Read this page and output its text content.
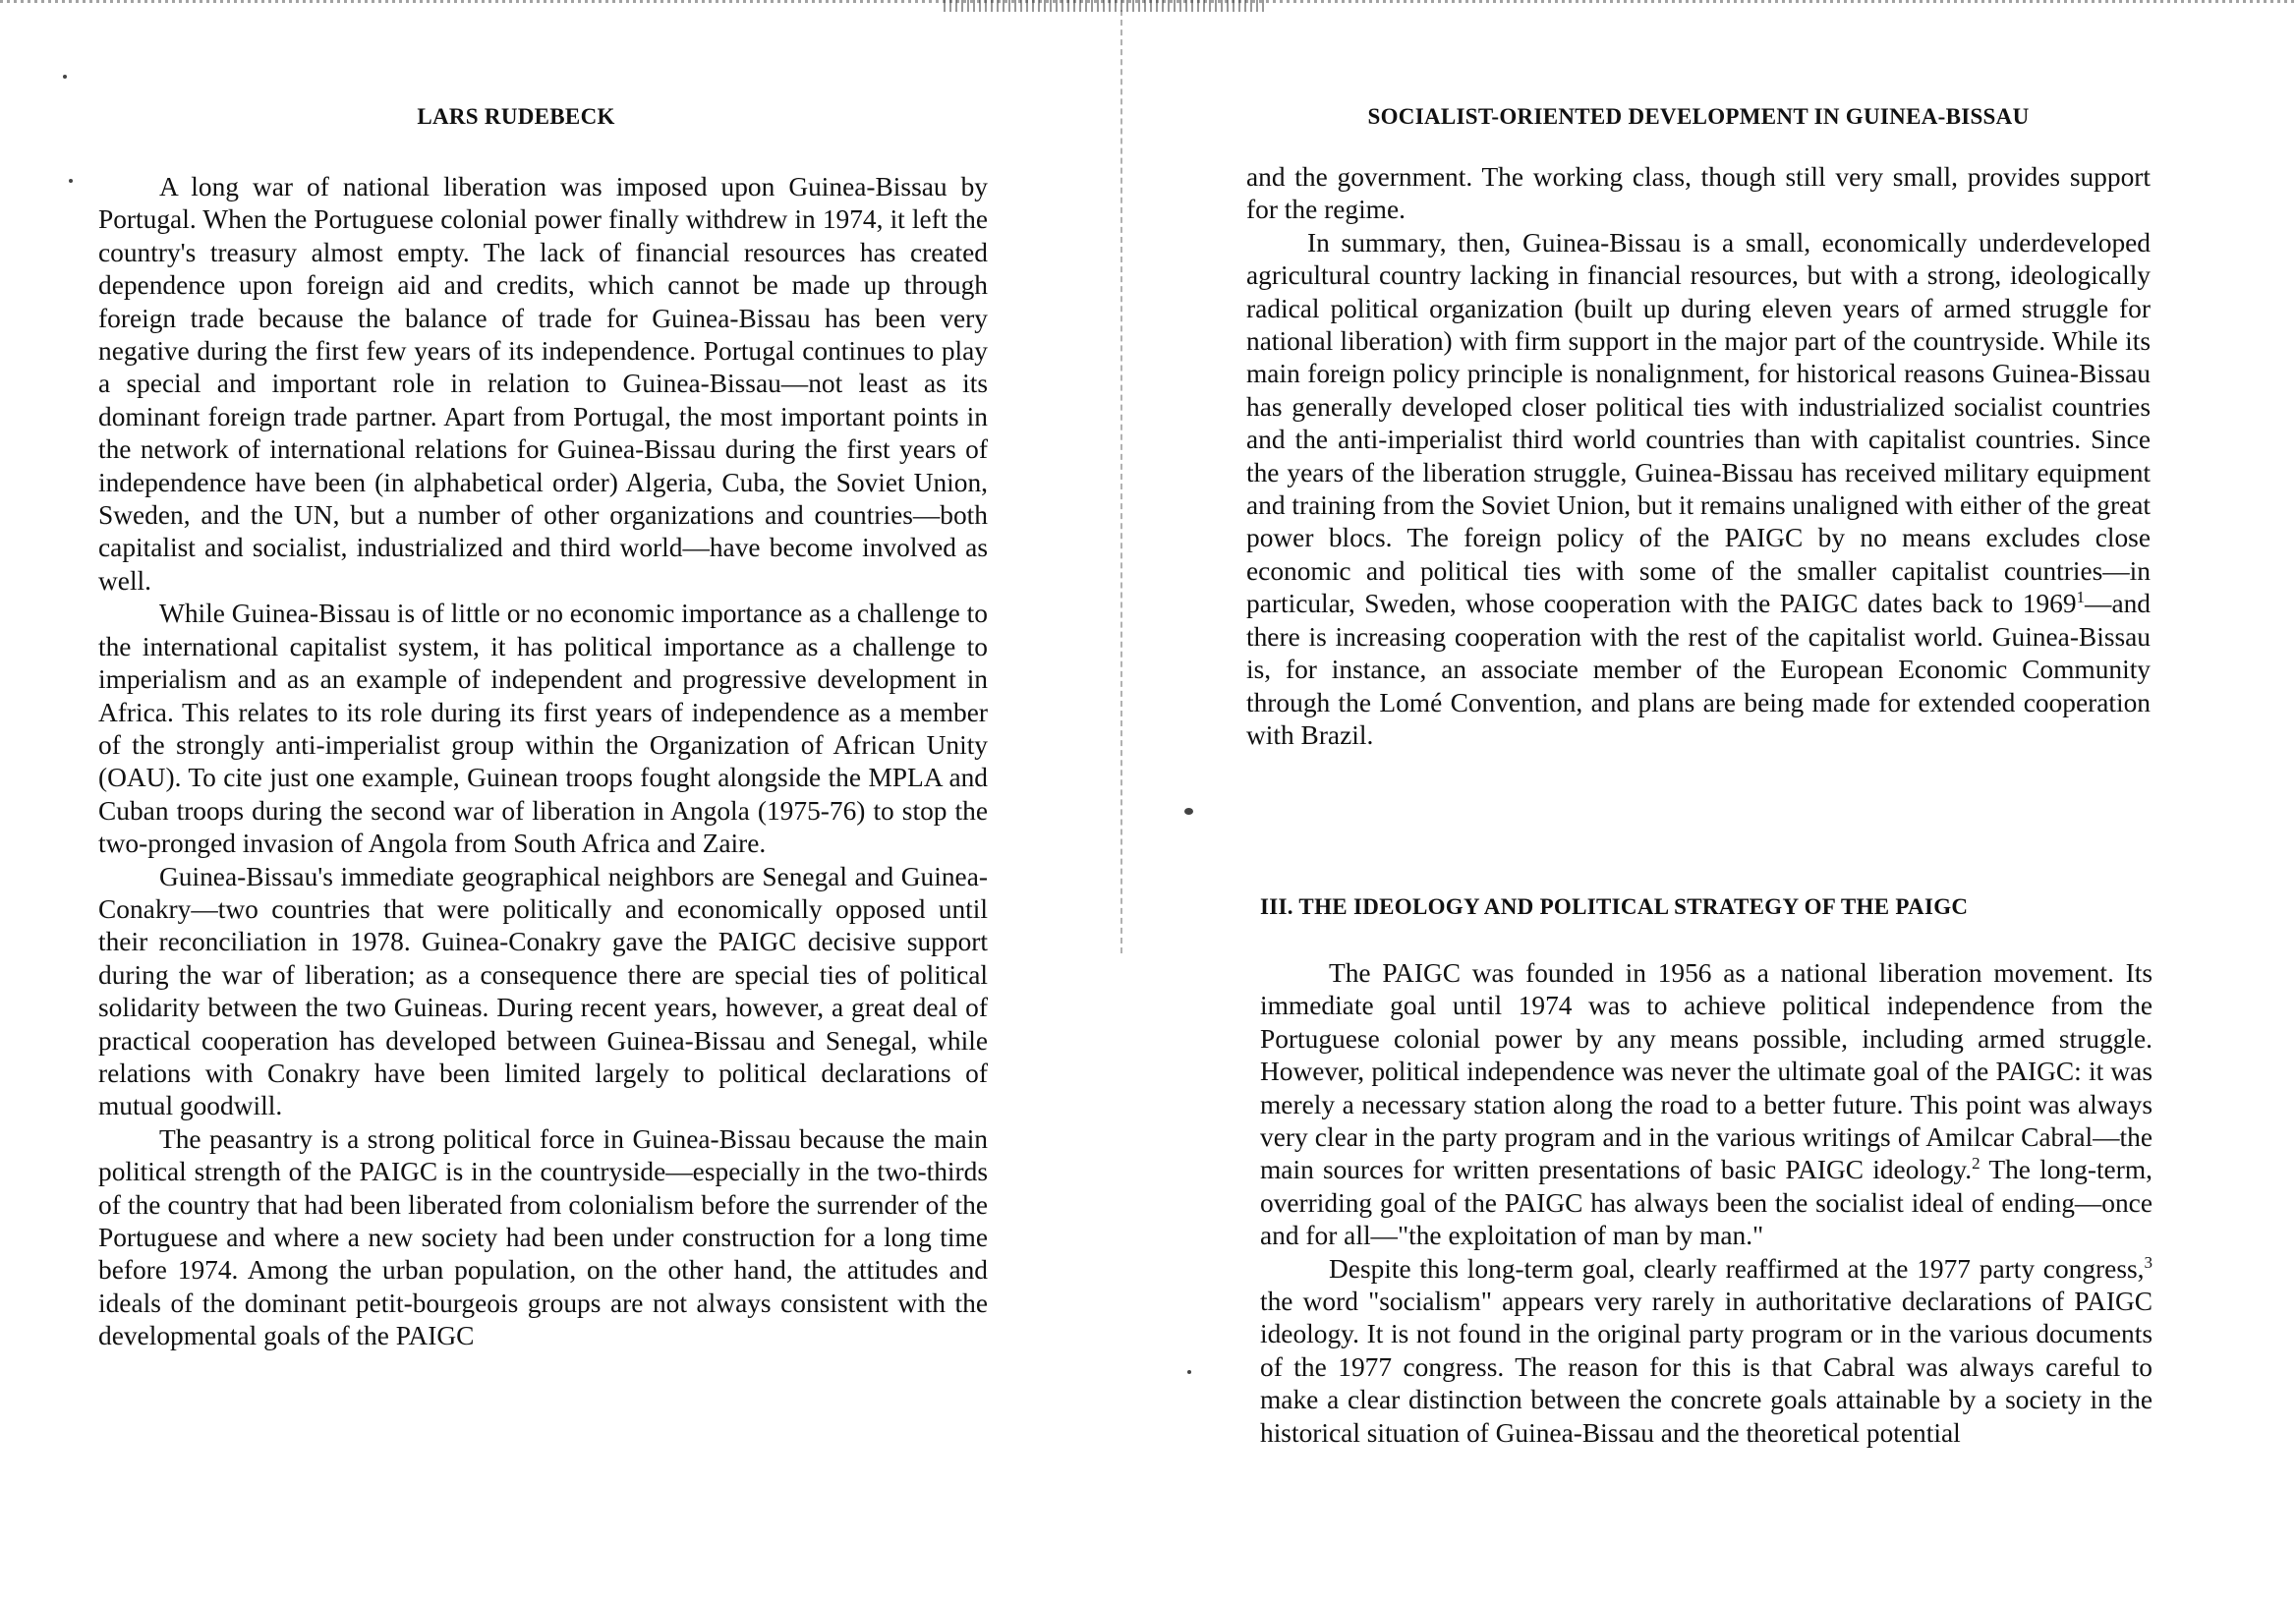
LARS RUDEBECK

A long war of national liberation was imposed upon Guinea-Bissau by Portugal. When the Portuguese colonial power finally withdrew in 1974, it left the country's treasury almost empty. The lack of financial resources has created dependence upon foreign aid and credits, which cannot be made up through foreign trade because the balance of trade for Guinea-Bissau has been very negative during the first few years of its independence. Portugal continues to play a special and important role in relation to Guinea-Bissau—not least as its dominant foreign trade partner. Apart from Portugal, the most important points in the network of international relations for Guinea-Bissau during the first years of independence have been (in alphabetical order) Algeria, Cuba, the Soviet Union, Sweden, and the UN, but a number of other organizations and countries—both capitalist and socialist, industrialized and third world—have become involved as well.

While Guinea-Bissau is of little or no economic importance as a challenge to the international capitalist system, it has political importance as a challenge to imperialism and as an example of independent and progressive development in Africa. This relates to its role during its first years of independence as a member of the strongly anti-imperialist group within the Organization of African Unity (OAU). To cite just one example, Guinean troops fought alongside the MPLA and Cuban troops during the second war of liberation in Angola (1975-76) to stop the two-pronged invasion of Angola from South Africa and Zaire.

Guinea-Bissau's immediate geographical neighbors are Senegal and Guinea-Conakry—two countries that were politically and economically opposed until their reconciliation in 1978. Guinea-Conakry gave the PAIGC decisive support during the war of liberation; as a consequence there are special ties of political solidarity between the two Guineas. During recent years, however, a great deal of practical cooperation has developed between Guinea-Bissau and Senegal, while relations with Conakry have been limited largely to political declarations of mutual goodwill.

The peasantry is a strong political force in Guinea-Bissau because the main political strength of the PAIGC is in the countryside—especially in the two-thirds of the country that had been liberated from colonialism before the surrender of the Portuguese and where a new society had been under construction for a long time before 1974. Among the urban population, on the other hand, the attitudes and ideals of the dominant petit-bourgeois groups are not always consistent with the developmental goals of the PAIGC

SOCIALIST-ORIENTED DEVELOPMENT IN GUINEA-BISSAU

and the government. The working class, though still very small, provides support for the regime.

In summary, then, Guinea-Bissau is a small, economically underdeveloped agricultural country lacking in financial resources, but with a strong, ideologically radical political organization (built up during eleven years of armed struggle for national liberation) with firm support in the major part of the countryside. While its main foreign policy principle is nonalignment, for historical reasons Guinea-Bissau has generally developed closer political ties with industrialized socialist countries and the anti-imperialist third world countries than with capitalist countries. Since the years of the liberation struggle, Guinea-Bissau has received military equipment and training from the Soviet Union, but it remains unaligned with either of the great power blocs. The foreign policy of the PAIGC by no means excludes close economic and political ties with some of the smaller capitalist countries—in particular, Sweden, whose cooperation with the PAIGC dates back to 1969$^1$—and there is increasing cooperation with the rest of the capitalist world. Guinea-Bissau is, for instance, an associate member of the European Economic Community through the Lomé Convention, and plans are being made for extended cooperation with Brazil.

III. THE IDEOLOGY AND POLITICAL STRATEGY OF THE PAIGC

The PAIGC was founded in 1956 as a national liberation movement. Its immediate goal until 1974 was to achieve political independence from the Portuguese colonial power by any means possible, including armed struggle. However, political independence was never the ultimate goal of the PAIGC: it was merely a necessary station along the road to a better future. This point was always very clear in the party program and in the various writings of Amilcar Cabral—the main sources for written presentations of basic PAIGC ideology.$^2$ The long-term, overriding goal of the PAIGC has always been the socialist ideal of ending—once and for all—"the exploitation of man by man."

Despite this long-term goal, clearly reaffirmed at the 1977 party congress,$^3$ the word "socialism" appears very rarely in authoritative declarations of PAIGC ideology. It is not found in the original party program or in the various documents of the 1977 congress. The reason for this is that Cabral was always careful to make a clear distinction between the concrete goals attainable by a society in the historical situation of Guinea-Bissau and the theoretical potential
